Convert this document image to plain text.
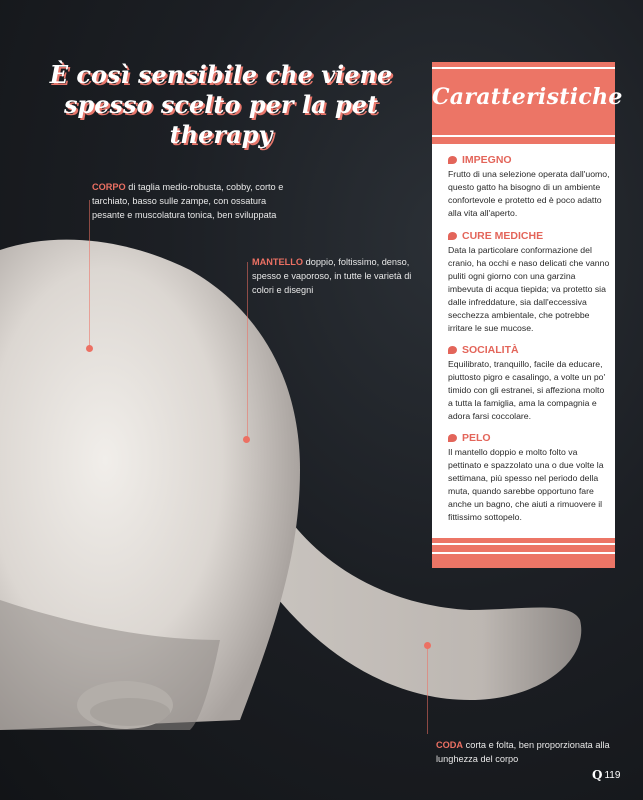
È così sensibile che viene spesso scelto per la pet therapy
CORPO di taglia medio-robusta, cobby, corto e tarchiato, basso sulle zampe, con ossatura pesante e muscolatura tonica, ben sviluppata
MANTELLO doppio, foltissimo, denso, spesso e vaporoso, in tutte le varietà di colori e disegni
CODA corta e folta, ben proporzionata alla lunghezza del corpo
Caratteristiche
IMPEGNO
Frutto di una selezione operata dall'uomo, questo gatto ha bisogno di un ambiente confortevole e protetto ed è poco adatto alla vita all'aperto.
CURE MEDICHE
Data la particolare conformazione del cranio, ha occhi e naso delicati che vanno puliti ogni giorno con una garzina imbevuta di acqua tiepida; va protetto sia dalle infreddature, sia dall'eccessiva secchezza ambientale, che potrebbe irritare le sue mucose.
SOCIALITÀ
Equilibrato, tranquillo, facile da educare, piuttosto pigro e casalingo, a volte un po' timido con gli estranei, si affeziona molto a tutta la famiglia, ama la compagnia e adora farsi coccolare.
PELO
Il mantello doppio e molto folto va pettinato e spazzolato una o due volte la settimana, più spesso nel periodo della muta, quando sarebbe opportuno fare anche un bagno, che aiuti a rimuovere il fittissimo sottopelo.
Q 119
